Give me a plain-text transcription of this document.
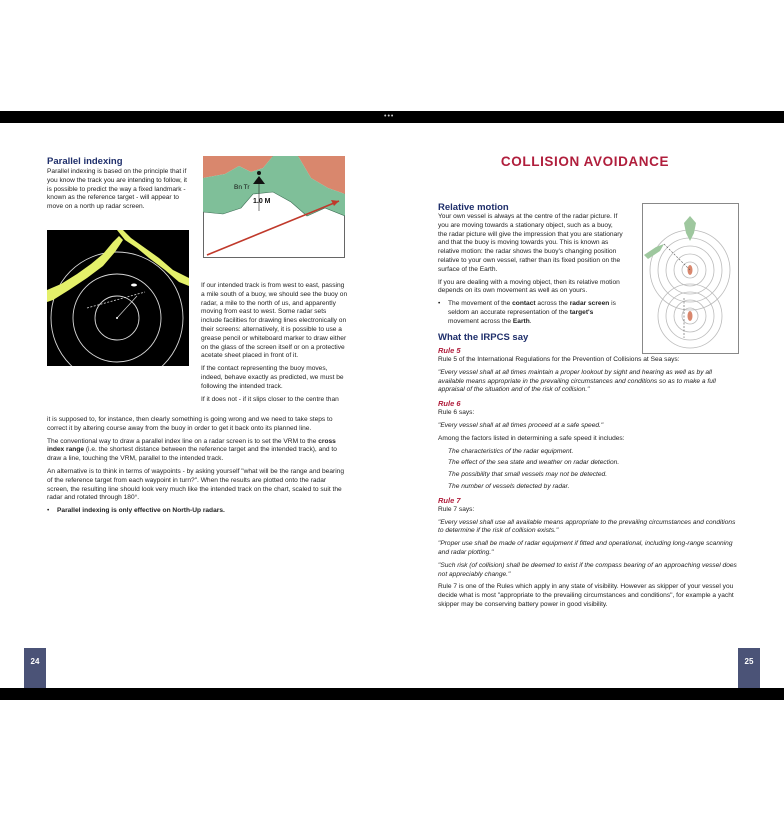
•••
Parallel indexing
Parallel indexing is based on the principle that if you know the track you are intending to follow, it is possible to predict the way a fixed landmark - known as the reference target - will appear to move on a north up radar screen.
Bn Tr
1.0 M

If our intended track is from west to east, passing a mile south of a buoy, we should see the buoy on radar, a mile to the north of us, and apparently moving from east to west. Some radar sets include facilities for drawing lines electronically on their screens: alternatively, it is possible to use a grease pencil or whiteboard marker to draw either on the glass of the screen itself or on a protective acetate sheet placed in front of it.

If the contact representing the buoy moves, indeed, behave exactly as predicted, we must be following the intended track.

If it does not - if it slips closer to the centre than

it is supposed to, for instance, then clearly something is going wrong and we need to take steps to correct it by altering course away from the buoy in order to get it back onto its planned line.

The conventional way to draw a parallel index line on a radar screen is to set the VRM to the cross index range (i.e. the shortest distance between the reference target and the intended track), and to draw a line, touching the VRM, parallel to the intended track.

An alternative is to think in terms of waypoints - by asking yourself "what will be the range and bearing of the reference target from each waypoint in turn?". When the results are plotted onto the radar screen, the resulting line should look very much like the intended track on the chart, scaled to suit the radar and rotated through 180°.

• Parallel indexing is only effective on North-Up radars.

COLLISION AVOIDANCE
Relative motion

Your own vessel is always at the centre of the radar picture. If you are moving towards a stationary object, such as a buoy, the radar picture will give the impression that you are stationary and that the buoy is moving towards you. This is known as relative motion: the radar shows the buoy's changing position relative to your own vessel, rather than its fixed position on the surface of the Earth.

If you are dealing with a moving object, then its relative motion depends on its own movement as well as on yours.

• The movement of the contact across the radar screen is seldom an accurate representation of the target's movement across the Earth.

What the IRPCS say
Rule 5

Rule 5 of the International Regulations for the Prevention of Collisions at Sea says:

"Every vessel shall at all times maintain a proper lookout by sight and hearing as well as by all available means appropriate in the prevailing circumstances and conditions so as to make a full appraisal of the situation and of the risk of collision."

Rule 6

Rule 6 says:

"Every vessel shall at all times proceed at a safe speed."

Among the factors listed in determining a safe speed it includes:

The characteristics of the radar equipment.

The effect of the sea state and weather on radar detection.

The possibility that small vessels may not be detected.

The number of vessels detected by radar.

Rule 7

Rule 7 says:

"Every vessel shall use all available means appropriate to the prevailing circumstances and conditions to determine if the risk of collision exists."

"Proper use shall be made of radar equipment if fitted and operational, including long-range scanning and radar plotting."

"Such risk (of collision) shall be deemed to exist if the compass bearing of an approaching vessel does not appreciably change."

Rule 7 is one of the Rules which apply in any state of visibility. However as skipper of your vessel you decide what is most "appropriate to the prevailing circumstances and conditions", for example a yacht skipper may be conserving battery power in good visibility.

24	25
